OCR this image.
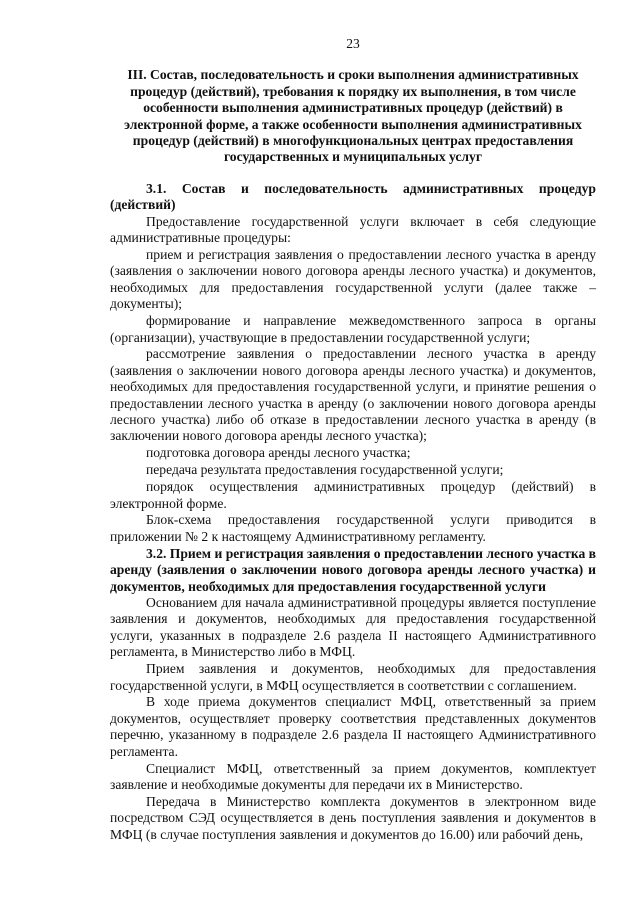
23
III. Состав, последовательность и сроки выполнения административных процедур (действий), требования к порядку их выполнения, в том числе особенности выполнения административных процедур (действий) в электронной форме, а также особенности выполнения административных процедур (действий) в многофункциональных центрах предоставления государственных и муниципальных услуг

3.1. Состав и последовательность административных процедур (действий)

Предоставление государственной услуги включает в себя следующие административные процедуры:

прием и регистрация заявления о предоставлении лесного участка в аренду (заявления о заключении нового договора аренды лесного участка) и документов, необходимых для предоставления государственной услуги (далее также – документы);

формирование и направление межведомственного запроса в органы (организации), участвующие в предоставлении государственной услуги;

рассмотрение заявления о предоставлении лесного участка в аренду (заявления о заключении нового договора аренды лесного участка) и документов, необходимых для предоставления государственной услуги, и принятие решения о предоставлении лесного участка в аренду (о заключении нового договора аренды лесного участка) либо об отказе в предоставлении лесного участка в аренду (в заключении нового договора аренды лесного участка);

подготовка договора аренды лесного участка;

передача результата предоставления государственной услуги;

порядок осуществления административных процедур (действий) в электронной форме.

Блок-схема предоставления государственной услуги приводится в приложении № 2 к настоящему Административному регламенту.

3.2. Прием и регистрация заявления о предоставлении лесного участка в аренду (заявления о заключении нового договора аренды лесного участка) и документов, необходимых для предоставления государственной услуги

Основанием для начала административной процедуры является поступление заявления и документов, необходимых для предоставления государственной услуги, указанных в подразделе 2.6 раздела II настоящего Административного регламента, в Министерство либо в МФЦ.

Прием заявления и документов, необходимых для предоставления государственной услуги, в МФЦ осуществляется в соответствии с соглашением.

В ходе приема документов специалист МФЦ, ответственный за прием документов, осуществляет проверку соответствия представленных документов перечню, указанному в подразделе 2.6 раздела II настоящего Административного регламента.

Специалист МФЦ, ответственный за прием документов, комплектует заявление и необходимые документы для передачи их в Министерство.

Передача в Министерство комплекта документов в электронном виде посредством СЭД осуществляется в день поступления заявления и документов в МФЦ (в случае поступления заявления и документов до 16.00) или рабочий день,
